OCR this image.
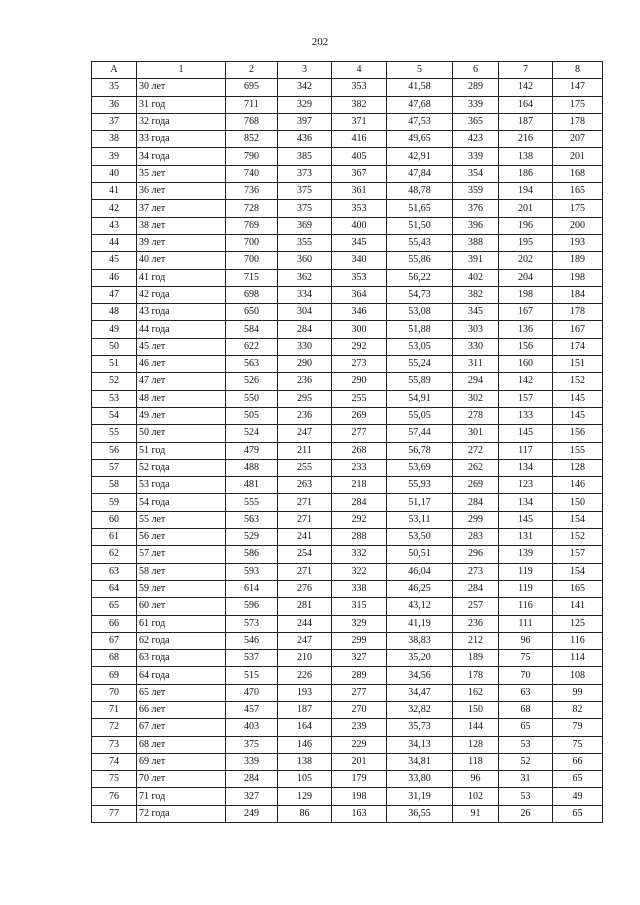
202
А	1	2	3	4	5	6	7	8
35	30 лет	695	342	353	41,58	289	142	147
36	31 год	711	329	382	47,68	339	164	175
37	32 года	768	397	371	47,53	365	187	178
38	33 года	852	436	416	49,65	423	216	207
39	34 года	790	385	405	42,91	339	138	201
40	35 лет	740	373	367	47,84	354	186	168
41	36 лет	736	375	361	48,78	359	194	165
42	37 лет	728	375	353	51,65	376	201	175
43	38 лет	769	369	400	51,50	396	196	200
44	39 лет	700	355	345	55,43	388	195	193
45	40 лет	700	360	340	55,86	391	202	189
46	41 год	715	362	353	56,22	402	204	198
47	42 года	698	334	364	54,73	382	198	184
48	43 года	650	304	346	53,08	345	167	178
49	44 года	584	284	300	51,88	303	136	167
50	45 лет	622	330	292	53,05	330	156	174
51	46 лет	563	290	273	55,24	311	160	151
52	47 лет	526	236	290	55,89	294	142	152
53	48 лет	550	295	255	54,91	302	157	145
54	49 лет	505	236	269	55,05	278	133	145
55	50 лет	524	247	277	57,44	301	145	156
56	51 год	479	211	268	56,78	272	117	155
57	52 года	488	255	233	53,69	262	134	128
58	53 года	481	263	218	55,93	269	123	146
59	54 года	555	271	284	51,17	284	134	150
60	55 лет	563	271	292	53,11	299	145	154
61	56 лет	529	241	288	53,50	283	131	152
62	57 лет	586	254	332	50,51	296	139	157
63	58 лет	593	271	322	46,04	273	119	154
64	59 лет	614	276	338	46,25	284	119	165
65	60 лет	596	281	315	43,12	257	116	141
66	61 год	573	244	329	41,19	236	111	125
67	62 года	546	247	299	38,83	212	96	116
68	63 года	537	210	327	35,20	189	75	114
69	64 года	515	226	289	34,56	178	70	108
70	65 лет	470	193	277	34,47	162	63	99
71	66 лет	457	187	270	32,82	150	68	82
72	67 лет	403	164	239	35,73	144	65	79
73	68 лет	375	146	229	34,13	128	53	75
74	69 лет	339	138	201	34,81	118	52	66
75	70 лет	284	105	179	33,80	96	31	65
76	71 год	327	129	198	31,19	102	53	49
77	72 года	249	86	163	36,55	91	26	65
